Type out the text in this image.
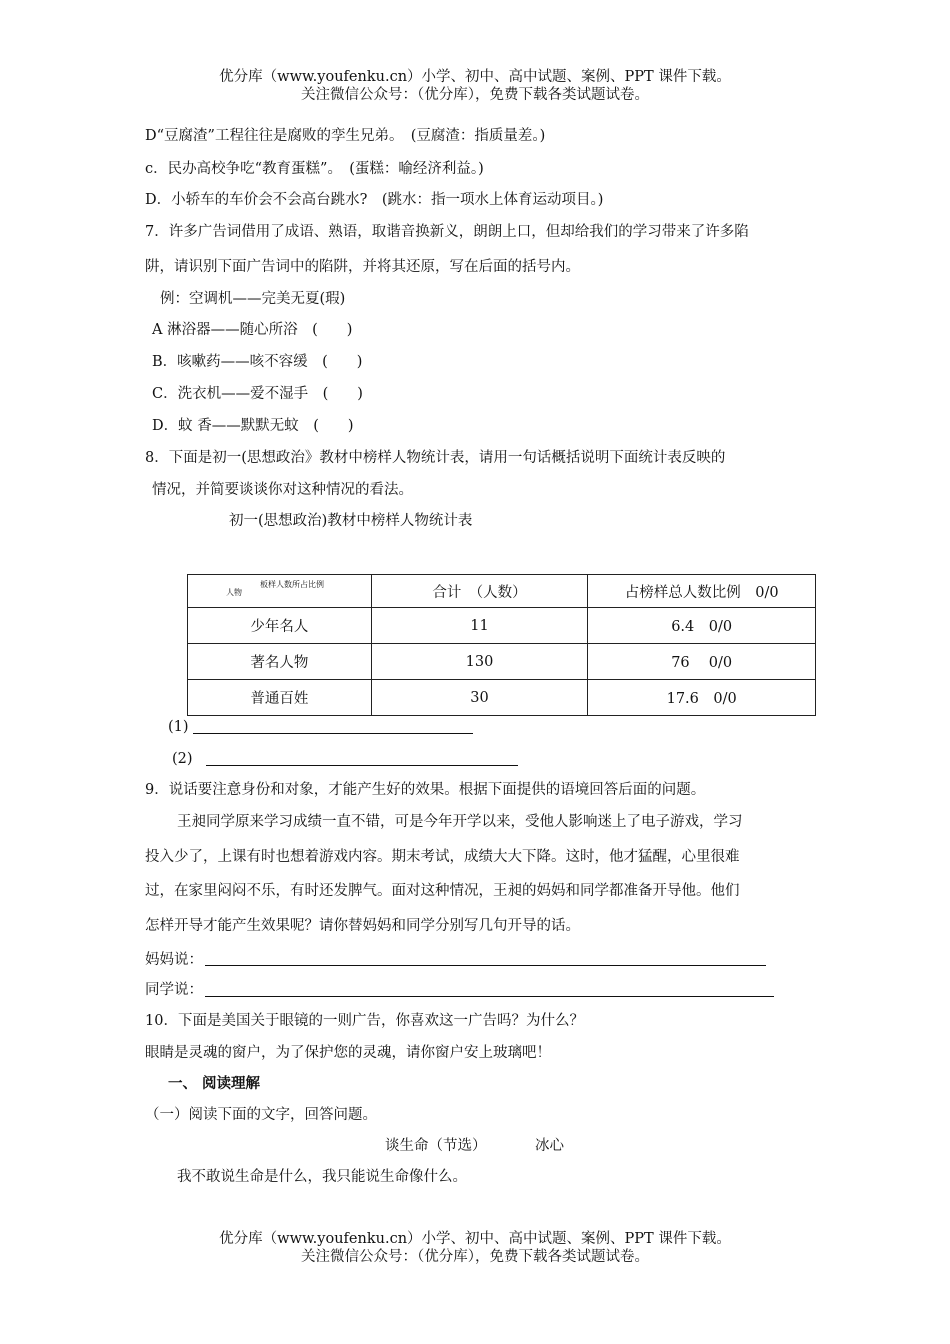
优分库（www.youfenku.cn）小学、初中、高中试题、案例、PPT 课件下载。
关注微信公众号：（优分库），免费下载各类试题试卷。
D“豆腐渣”工程往往是腐败的孪生兄弟。　(豆腐渣：指质量差。)
c．民办高校争吃“教育蛋糕”。　(蛋糕：喻经济利益。)
D．小轿车的车价会不会高台跳水?　(跳水：指一项水上体育运动项目。)
7．许多广告词借用了成语、熟语，取谐音换新义，朗朗上口，但却给我们的学习带来了许多陷
阱，请识别下面广告词中的陷阱，并将其还原，写在后面的括号内。
例：空调机——完美无夏(瑕)
A 淋浴器——随心所浴　(　　)
B．咳嗽药——咳不容缓　(　　)
C．洗衣机——爱不湿手　(　　)
D．蚊 香——默默无蚊　(　　)
8．下面是初一(思想政治》教材中榜样人物统计表，请用一句话概括说明下面统计表反映的
情况，并简要谈谈你对这种情况的看法。
初一(思想政治)教材中榜样人物统计表
人物
板样人数所占比例	合计　（人数）	占榜样总人数比例　0/0
少年名人	11	6.4　0/0
著名人物	130	76　 0/0
普通百姓	30	17.6　0/0
(1)
(2)
9．说话要注意身份和对象，才能产生好的效果。根据下面提供的语境回答后面的问题。
王昶同学原来学习成绩一直不错，可是今年开学以来，受他人影响迷上了电子游戏，学习
投入少了，上课有时也想着游戏内容。期末考试，成绩大大下降。这时，他才猛醒，心里很难
过，在家里闷闷不乐，有时还发脾气。面对这种情况，王昶的妈妈和同学都准备开导他。他们
怎样开导才能产生效果呢？请你替妈妈和同学分别写几句开导的话。
妈妈说：
同学说：
10．下面是美国关于眼镜的一则广告，你喜欢这一广告吗？为什么？
眼睛是灵魂的窗户，为了保护您的灵魂，请你窗户安上玻璃吧！
一、 阅读理解
（一）阅读下面的文字，回答问题。
谈生命（节选）	冰心
我不敢说生命是什么，我只能说生命像什么。
优分库（www.youfenku.cn）小学、初中、高中试题、案例、PPT 课件下载。
关注微信公众号：（优分库），免费下载各类试题试卷。
